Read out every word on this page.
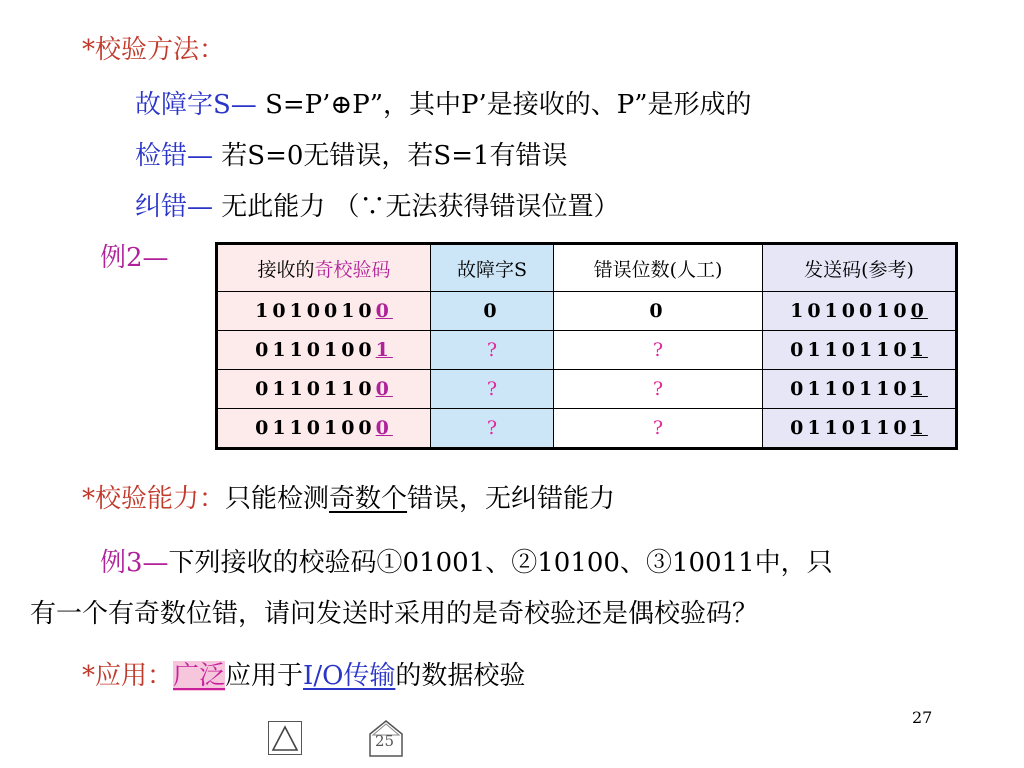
*校验方法：
故障字S— S=P’⊕P”，其中P’是接收的、P”是形成的
检错— 若S=0无错误，若S=1有错误
纠错— 无此能力 （∵无法获得错误位置）
例2—	接收的奇校验码	故障字S	错误位数(人工)	发送码(参考)
10100100	0	0	10100100
01101001	?	?	01101101
01101100	?	?	01101101
01101000	?	?	01101101
*校验能力：只能检测奇数个错误，无纠错能力
例3—下列接收的校验码①01001、②10100、③10011中，只
有一个有奇数位错，请问发送时采用的是奇校验还是偶校验码？
*应用：广泛应用于I/O传输的数据校验
27
25
